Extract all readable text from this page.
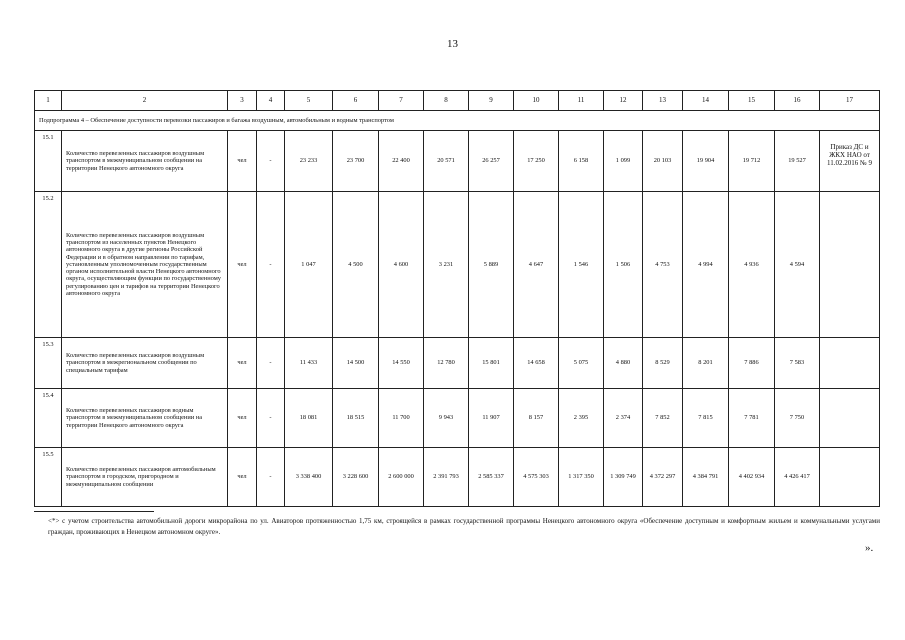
13
1	2	3	4	5	6	7	8	9	10	11	12	13	14	15	16	17
Подпрограмма 4 – Обеспечение доступности перевозки пассажиров и багажа воздушным, автомобильным и водным транспортом																
15.1	Количество перевезенных пассажиров воздушным транспортом в межмуниципальном сообщении на территории Ненецкого автономного округа	чел	-	23 233	23 700	22 400	20 571	26 257	17 250	6 158	1 099	20 103	19 904	19 712	19 527	Приказ ДС и ЖКХ НАО от 11.02.2016 № 9
15.2	Количество перевезенных пассажиров воздушным транспортом из населенных пунктов Ненецкого автономного округа в другие регионы Российской Федерации и в обратном направлении по тарифам, установленным уполномоченным государственным органом исполнительной власти Ненецкого автономного округа, осуществляющим функции по государственному регулированию цен и тарифов на территории Ненецкого автономного округа	чел	-	1 047	4 500	4 600	3 231	5 889	4 647	1 546	1 506	4 753	4 994	4 936	4 594	
15.3	Количество перевезенных пассажиров воздушным транспортом в межрегиональном сообщении по специальным тарифам	чел	-	11 433	14 500	14 550	12 780	15 801	14 658	5 075	4 880	8 529	8 201	7 886	7 583	
15.4	Количество перевезенных пассажиров водным транспортом в межмуниципальном сообщении на территории Ненецкого автономного округа	чел	-	18 081	18 515	11 700	9 943	11 907	8 157	2 395	2 374	7 852	7 815	7 781	7 750	
15.5	Количество перевезенных пассажиров автомобильным транспортом в городском, пригородном и межмуниципальном сообщении	чел	-	3 338 400	3 228 600	2 600 000	2 391 793	2 585 337	4 575 303	1 317 350	1 309 749	4 372 297	4 384 791	4 402 934	4 426 417	
<*> с учетом строительства автомобильной дороги микрорайона по ул. Авиаторов протяженностью 1,75 км, строящейся в рамках государственной программы Ненецкого автономного округа «Обеспечение доступным и комфортным жильем и коммунальными услугами граждан, проживающих в Ненецком автономном округе».
».
